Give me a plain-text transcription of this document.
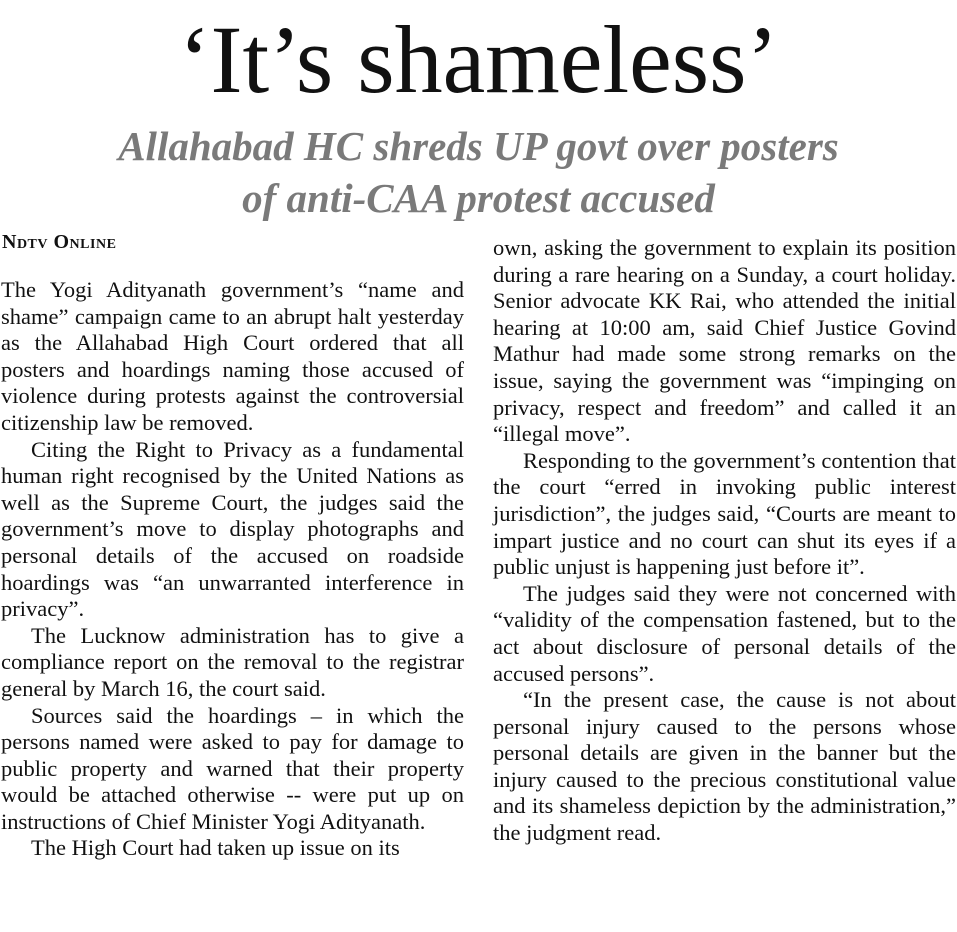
‘It’s shameless’
Allahabad HC shreds UP govt over posters
of anti-CAA protest accused
Ndtv Online

The Yogi Adityanath government’s “name and shame” campaign came to an abrupt halt yesterday as the Allahabad High Court ordered that all posters and hoardings naming those accused of violence during protests against the controversial citizenship law be removed.

Citing the Right to Privacy as a fundamental human right recognised by the United Nations as well as the Supreme Court, the judges said the government’s move to display photographs and personal details of the accused on roadside hoardings was “an unwarranted interference in privacy”.

The Lucknow administration has to give a compliance report on the removal to the registrar general by March 16, the court said.

Sources said the hoardings – in which the persons named were asked to pay for damage to public property and warned that their property would be attached otherwise -- were put up on instructions of Chief Minister Yogi Adityanath.

The High Court had taken up issue on its

own, asking the government to explain its position during a rare hearing on a Sunday, a court holiday. Senior advocate KK Rai, who attended the initial hearing at 10:00 am, said Chief Justice Govind Mathur had made some strong remarks on the issue, saying the government was “impinging on privacy, respect and freedom” and called it an “illegal move”.

Responding to the government’s contention that the court “erred in invoking public interest jurisdiction”, the judges said, “Courts are meant to impart justice and no court can shut its eyes if a public unjust is happening just before it”.

The judges said they were not concerned with “validity of the compensation fastened, but to the act about disclosure of personal details of the accused persons”.

“In the present case, the cause is not about personal injury caused to the persons whose personal details are given in the banner but the injury caused to the precious constitutional value and its shameless depiction by the administration,” the judgment read.
